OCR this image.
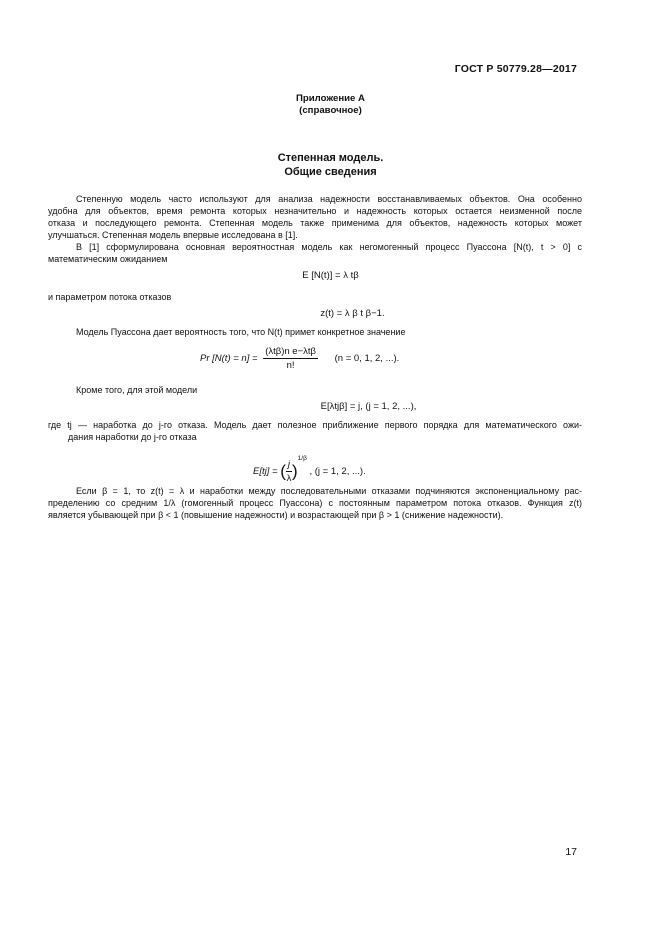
ГОСТ Р 50779.28—2017
Приложение А
(справочное)
Степенная модель.
Общие сведения
Степенную модель часто используют для анализа надежности восстанавливаемых объектов. Она особенно
удобна для объектов, время ремонта которых незначительно и надежность которых остается неизменной после
отказа и последующего ремонта. Степенная модель также применима для объектов, надежность которых может
улучшаться. Степенная модель впервые исследована в [1].
В [1] сформулирована основная вероятностная модель как негомогенный процесс Пуассона [N(t), t > 0] с
математическим ожиданием
E [N(t)] = λ tβ
и параметром потока отказов
z(t) = λ β t β−1.
Модель Пуассона дает вероятность того, что N(t) примет конкретное значение
Pr $[N(t) = n] = \frac{\text{(λtβ)n e−λtβ}}{n!} (n = 0$, 1, 2, ...).
Кроме того, для этой модели
E[λtjβ] = j, (j = 1, 2, ...),
где tj — наработка до j-го отказа. Модель дает полезное приближение первого порядка для математического ожи-
дания наработки до j-го отказа
E[tj] = ( $\frac{j}{\lambda} )^{1/\beta}$ , (j = 1, 2, ...).
Если β = 1, то z(t) = λ и наработки между последовательными отказами подчиняются экспоненциальному рас-
пределению со средним 1/λ (гомогенный процесс Пуассона) с постоянным параметром потока отказов. Функция z(t)
является убывающей при β < 1 (повышение надежности) и возрастающей при β > 1 (снижение надежности).
17
